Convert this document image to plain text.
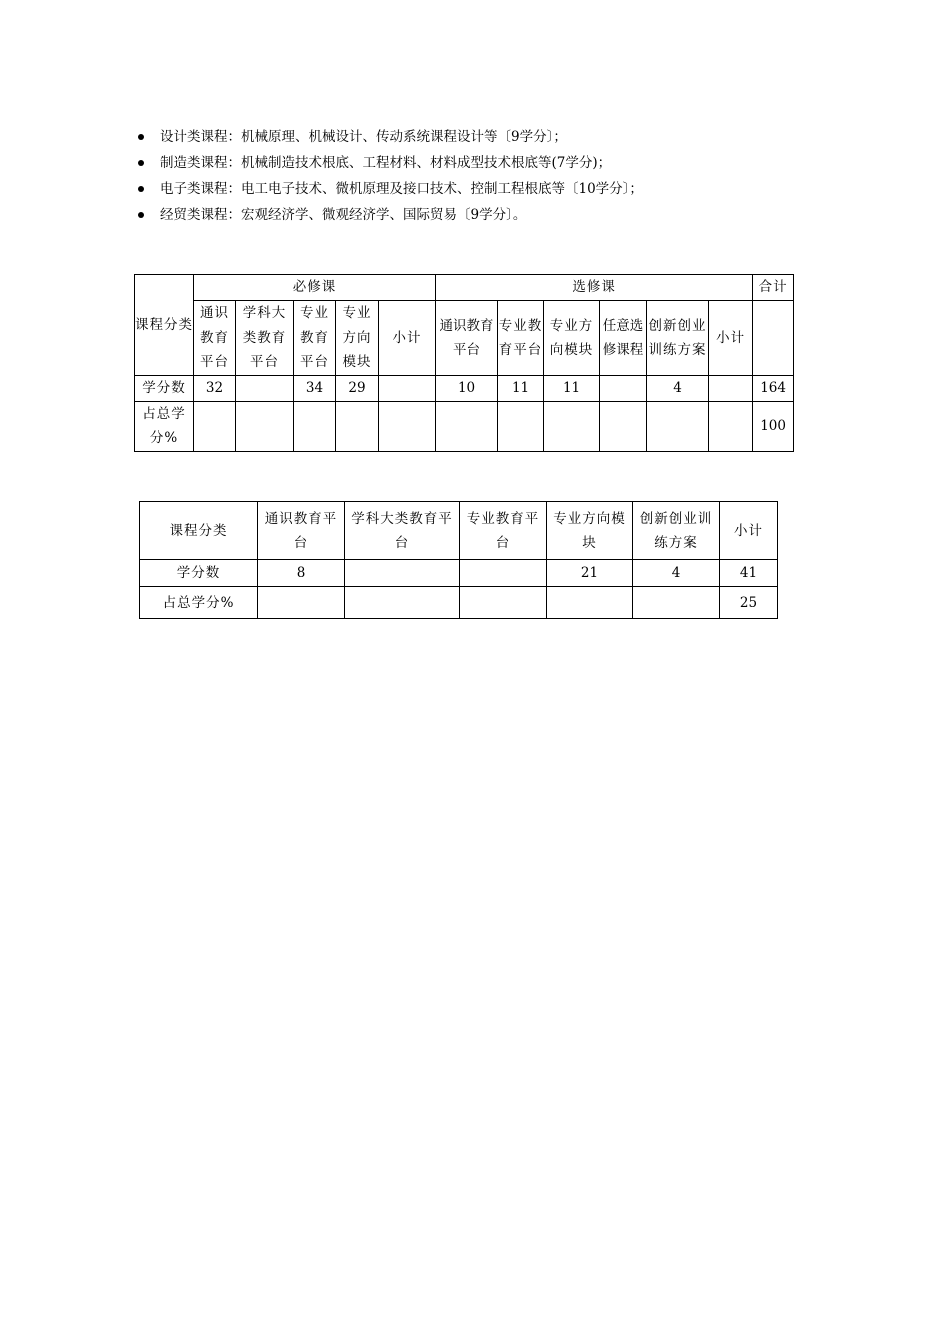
设计类课程：机械原理、机械设计、传动系统课程设计等〔9学分〕；
制造类课程：机械制造技术根底、工程材料、材料成型技术根底等(7学分)；
电子类课程：电工电子技术、微机原理及接口技术、控制工程根底等〔10学分〕；
经贸类课程：宏观经济学、微观经济学、国际贸易〔9学分〕。
课程分类	必修课					选修课						合计
	通识教育平台	学科大类教育平台	专业教育平台	专业方向模块	小计	通识教育平台	专业教育平台	专业方向模块	任意选修课程	创新创业训练方案	小计	
学分数	32		34	29		10	11	11		4		164
占总学分%												100
课程分类	通识教育平台	学科大类教育平台	专业教育平台	专业方向模块	创新创业训练方案	小计
学分数	8			21	4	41
占总学分%						25
